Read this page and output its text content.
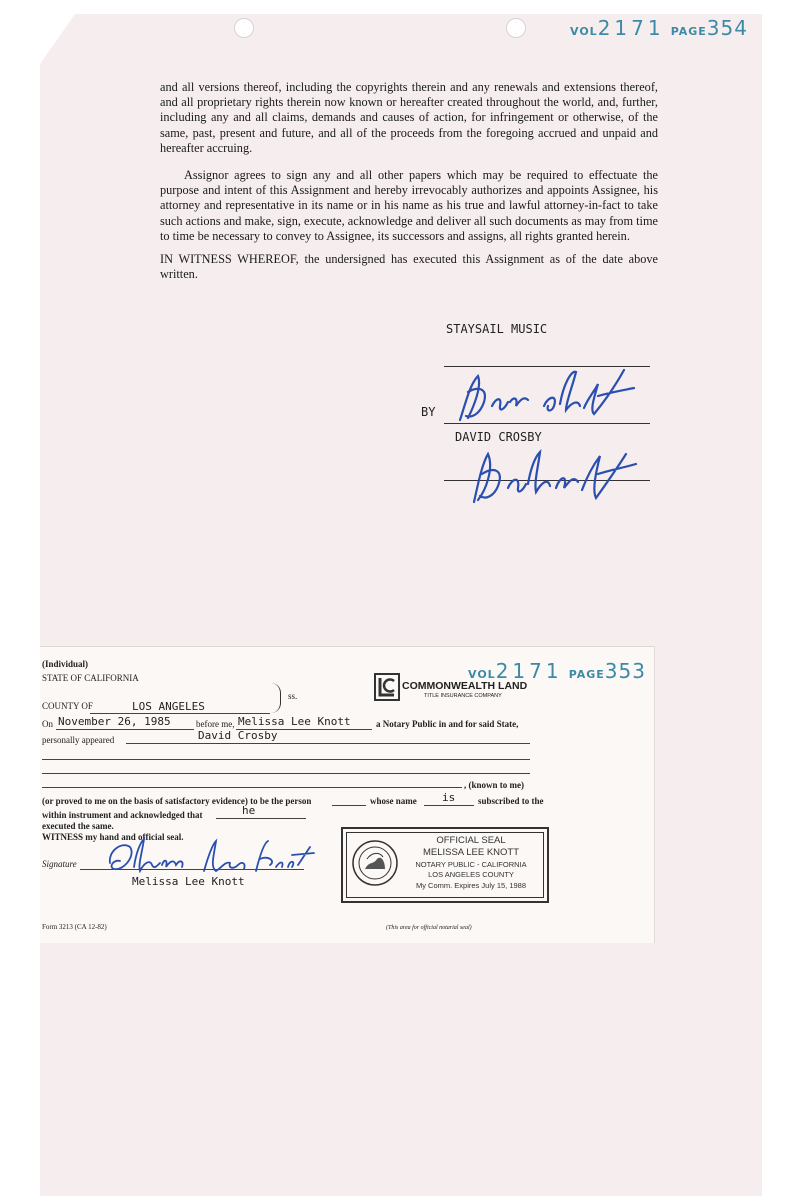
VOL2171 PAGE354

and all versions thereof, including the copyrights therein and any renewals and extensions thereof, and all proprietary rights therein now known or hereafter created throughout the world, and, further, including any and all claims, demands and causes of action, for infringement or otherwise, of the same, past, present and future, and all of the proceeds from the foregoing accrued and unpaid and hereafter accruing.

Assignor agrees to sign any and all other papers which may be required to effectuate the purpose and intent of this Assignment and hereby irrevocably authorizes and appoints Assignee, his attorney and representative in its name or in his name as his true and lawful attorney-in-fact to take such actions and make, sign, execute, acknowledge and deliver all such documents as may from time to time be necessary to convey to Assignee, its successors and assigns, all rights granted herein.

IN WITNESS WHEREOF, the undersigned has executed this Assignment as of the date above written.

STAYSAIL MUSIC
BY
DAVID CROSBY
VOL2171 PAGE353
COMMONWEALTH LAND
TITLE INSURANCE COMPANY
(Individual)
STATE OF CALIFORNIA
COUNTY OF	LOS ANGELES
ss.
On November 26, 1985	before me, Melissa Lee Knott	a Notary Public in and for said State,
personally appeared	David Crosby
, (known to me)
(or proved to me on the basis of satisfactory evidence) to be the person	whose name is	subscribed to the
within instrument and acknowledged that	he
executed the same.
WITNESS my hand and official seal.
Signature
Melissa Lee Knott
Form 3213 (CA 12-82)	(This area for official notarial seal)
OFFICIAL SEAL
MELISSA LEE KNOTT
NOTARY PUBLIC - CALIFORNIA
LOS ANGELES COUNTY
My Comm. Expires July 15, 1988
